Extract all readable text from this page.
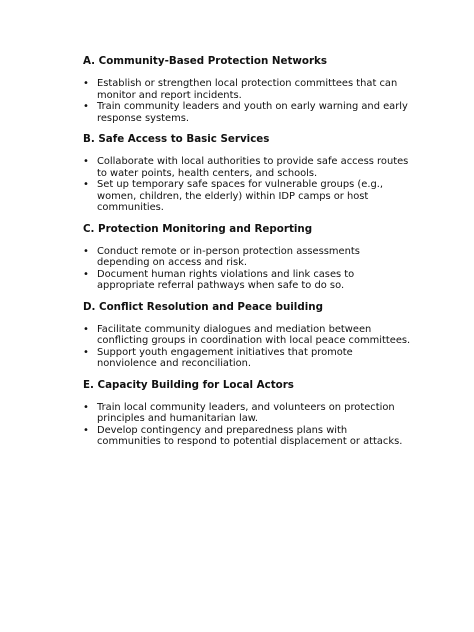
A. Community-Based Protection Networks
• Establish or strengthen local protection committees that can monitor and report incidents.
• Train community leaders and youth on early warning and early response systems.
B. Safe Access to Basic Services
• Collaborate with local authorities to provide safe access routes to water points, health centers, and schools.
• Set up temporary safe spaces for vulnerable groups (e.g., women, children, the elderly) within IDP camps or host communities.
C. Protection Monitoring and Reporting
• Conduct remote or in-person protection assessments depending on access and risk.
• Document human rights violations and link cases to appropriate referral pathways when safe to do so.
D. Conflict Resolution and Peace building
• Facilitate community dialogues and mediation between conflicting groups in coordination with local peace committees.
• Support youth engagement initiatives that promote nonviolence and reconciliation.
E. Capacity Building for Local Actors
• Train local community leaders, and volunteers on protection principles and humanitarian law.
• Develop contingency and preparedness plans with communities to respond to potential displacement or attacks.
